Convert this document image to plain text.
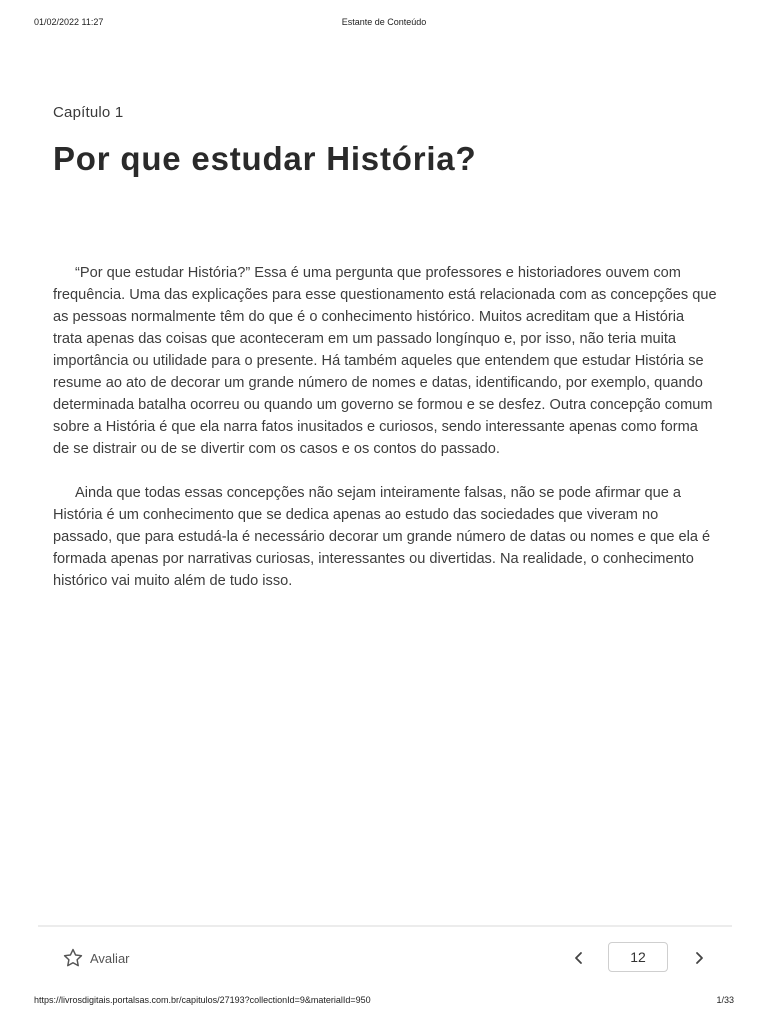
01/02/2022 11:27	Estante de Conteúdo
Capítulo 1
Por que estudar História?

“Por que estudar História?” Essa é uma pergunta que professores e historiadores ouvem com frequência. Uma das explicações para esse questionamento está relacionada com as concepções que as pessoas normalmente têm do que é o conhecimento histórico. Muitos acreditam que a História trata apenas das coisas que aconteceram em um passado longínquo e, por isso, não teria muita importância ou utilidade para o presente. Há também aqueles que entendem que estudar História se resume ao ato de decorar um grande número de nomes e datas, identificando, por exemplo, quando determinada batalha ocorreu ou quando um governo se formou e se desfez. Outra concepção comum sobre a História é que ela narra fatos inusitados e curiosos, sendo interessante apenas como forma de se distrair ou de se divertir com os casos e os contos do passado.

Ainda que todas essas concepções não sejam inteiramente falsas, não se pode afirmar que a História é um conhecimento que se dedica apenas ao estudo das sociedades que viveram no passado, que para estudá-la é necessário decorar um grande número de datas ou nomes e que ela é formada apenas por narrativas curiosas, interessantes ou divertidas. Na realidade, o conhecimento histórico vai muito além de tudo isso.

Avaliar
12
https://livrosdigitais.portalsas.com.br/capitulos/27193?collectionId=9&materialId=950	1/33
